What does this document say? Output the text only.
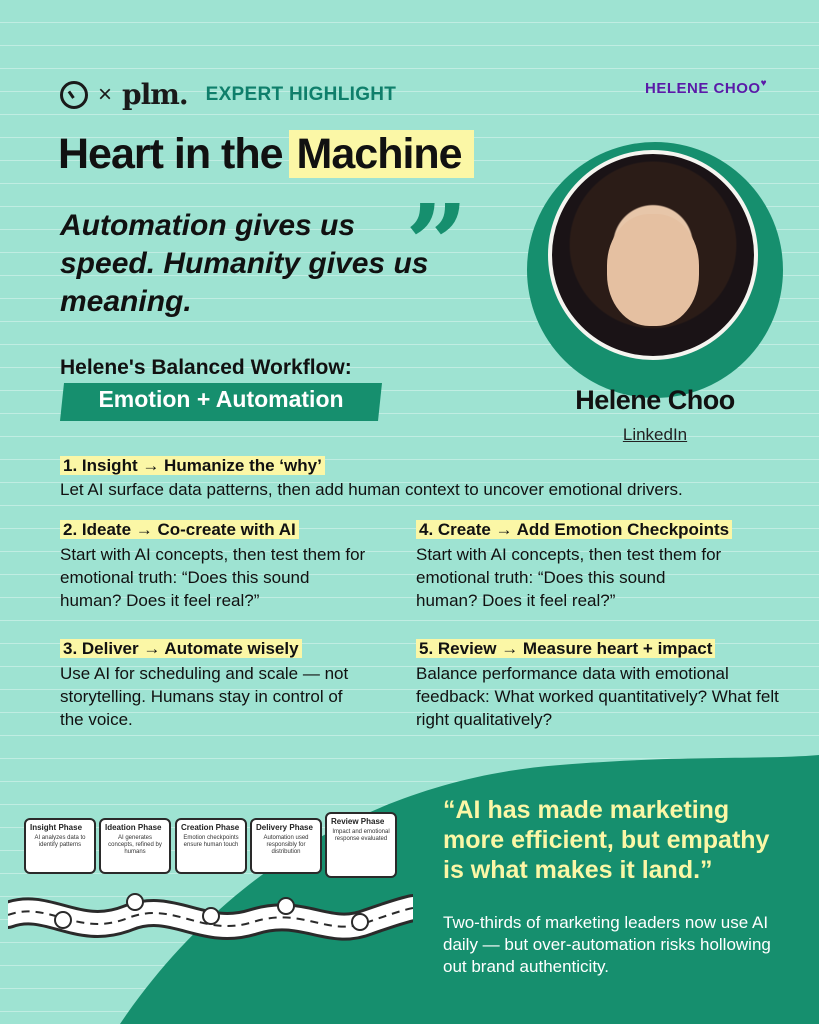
× plm. EXPERT HIGHLIGHT	HELENE CHOO♥
Heart in the Machine
Automation gives us speed. Humanity gives us meaning.	”
Helene Choo
LinkedIn
Helene's Balanced Workflow:
Emotion + Automation
1. Insight → Humanize the ‘why’
Let AI surface data patterns, then add human context to uncover emotional drivers.
2. Ideate → Co-create with AI
Start with AI concepts, then test them for emotional truth: “Does this sound human? Does it feel real?”
4. Create → Add Emotion Checkpoints
Start with AI concepts, then test them for emotional truth: “Does this sound human? Does it feel real?”
3. Deliver → Automate wisely
Use AI for scheduling and scale — not storytelling. Humans stay in control of the voice.
5. Review → Measure heart + impact
Balance performance data with emotional feedback: What worked quantitatively? What felt right qualitatively?
Insight Phase
AI analyzes data to identify patterns
Ideation Phase
AI generates concepts, refined by humans
Creation Phase
Emotion checkpoints ensure human touch
Delivery Phase
Automation used responsibly for distribution
Review Phase
Impact and emotional response evaluated
“AI has made marketing more efficient, but empathy is what makes it land.”
Two-thirds of marketing leaders now use AI daily — but over-automation risks hollowing out brand authenticity.
